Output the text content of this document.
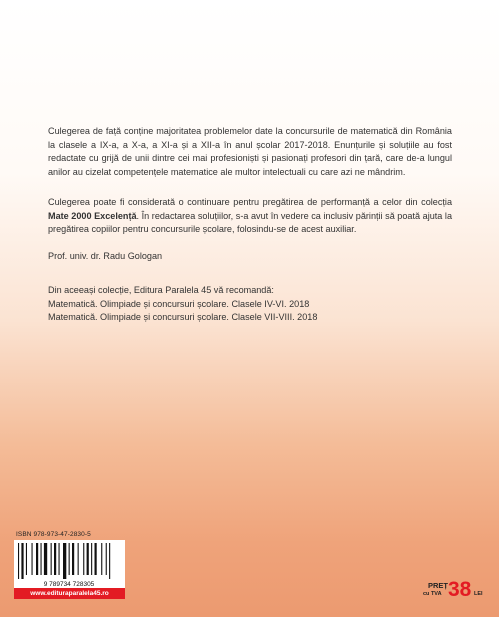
Culegerea de față conține majoritatea problemelor date la concursurile de matematică din România la clasele a IX-a, a X-a, a XI-a și a XII-a în anul școlar 2017-2018. Enunțurile și soluțiile au fost redactate cu grijă de unii dintre cei mai profesioniști și pasionați profesori din țară, care de-a lungul anilor au cizelat competențele matematice ale multor intelectuali cu care azi ne mândrim.

Culegerea poate fi considerată o continuare pentru pregătirea de performanță a celor din colecția Mate 2000 Excelență. În redactarea soluțiilor, s-a avut în vedere ca inclusiv părinții să poată ajuta la pregătirea copiilor pentru concursurile școlare, folosindu-se de acest auxiliar.

Prof. univ. dr. Radu Gologan

Din aceeași colecție, Editura Paralela 45 vă recomandă:
Matematică. Olimpiade și concursuri școlare. Clasele IV-VI. 2018
Matematică. Olimpiade și concursuri școlare. Clasele VII-VIII. 2018
ISBN 978-973-47-2830-5
9 789734 728305
www.edituraparalela45.ro
PREȚ
cu TVA 38 LEI
